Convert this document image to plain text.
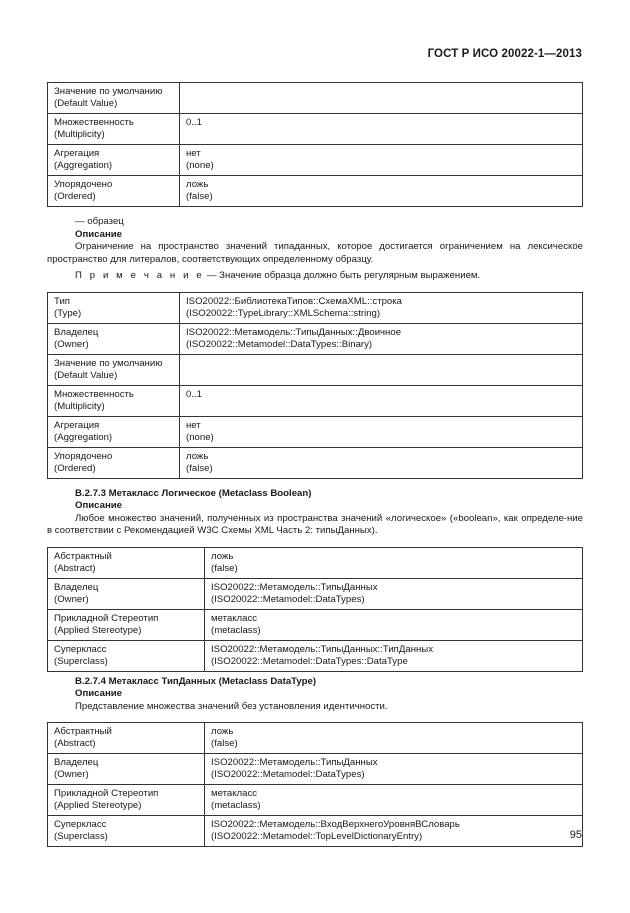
ГОСТ Р ИСО 20022-1—2013
Значение по умолчанию
(Default Value)	

Множественность
(Multiplicity)	0..1

Агрегация
(Aggregation)	нет
(none)

Упорядочено
(Ordered)	ложь
(false)
— образец
Описание
Ограничение на пространство значений типаданных, которое достигается ограничением на лексическое пространство для литералов, соответствующих определенному образцу.
П р и м е ч а н и е — Значение образца должно быть регулярным выражением.
Тип
(Type)	ISO20022::БиблиотекаТипов::СхемаXML::строка
(ISO20022::TypeLibrary::XMLSchema::string)

Владелец
(Owner)	ISO20022::Метамодель::ТипыДанных::Двоичное
(ISO20022::Metamodel::DataTypes::Binary)

Значение по умолчанию
(Default Value)	

Множественность
(Multiplicity)	0..1

Агрегация
(Aggregation)	нет
(none)

Упорядочено
(Ordered)	ложь
(false)
В.2.7.3 Метакласс Логическое (Metaclass Boolean)
Описание
Любое множество значений, полученных из пространства значений «логическое» («boolean», как определе-ние в соответствии с Рекомендацией W3C Схемы XML Часть 2: типыДанных).
Абстрактный
(Abstract)	ложь
(false)

Владелец
(Owner)	ISO20022::Метамодель::ТипыДанных
(ISO20022::Metamodel::DataTypes)

Прикладной Стереотип
(Applied Stereotype)	метакласс
(metaclass)

Суперкласс
(Superclass)	ISO20022::Метамодель::ТипыДанных::ТипДанных
(ISO20022::Metamodel::DataTypes::DataType
В.2.7.4 Метакласс ТипДанных (Metaclass DataType)
Описание
Представление множества значений без установления идентичности.
Абстрактный
(Abstract)	ложь
(false)

Владелец
(Owner)	ISO20022::Метамодель::ТипыДанных
(ISO20022::Metamodel::DataTypes)

Прикладной Стереотип
(Applied Stereotype)	метакласс
(metaclass)

Суперкласс
(Superclass)	ISO20022::Метамодель::ВходВерхнегоУровняВСловарь
(ISO20022::Metamodel::TopLevelDictionaryEntry)	95
